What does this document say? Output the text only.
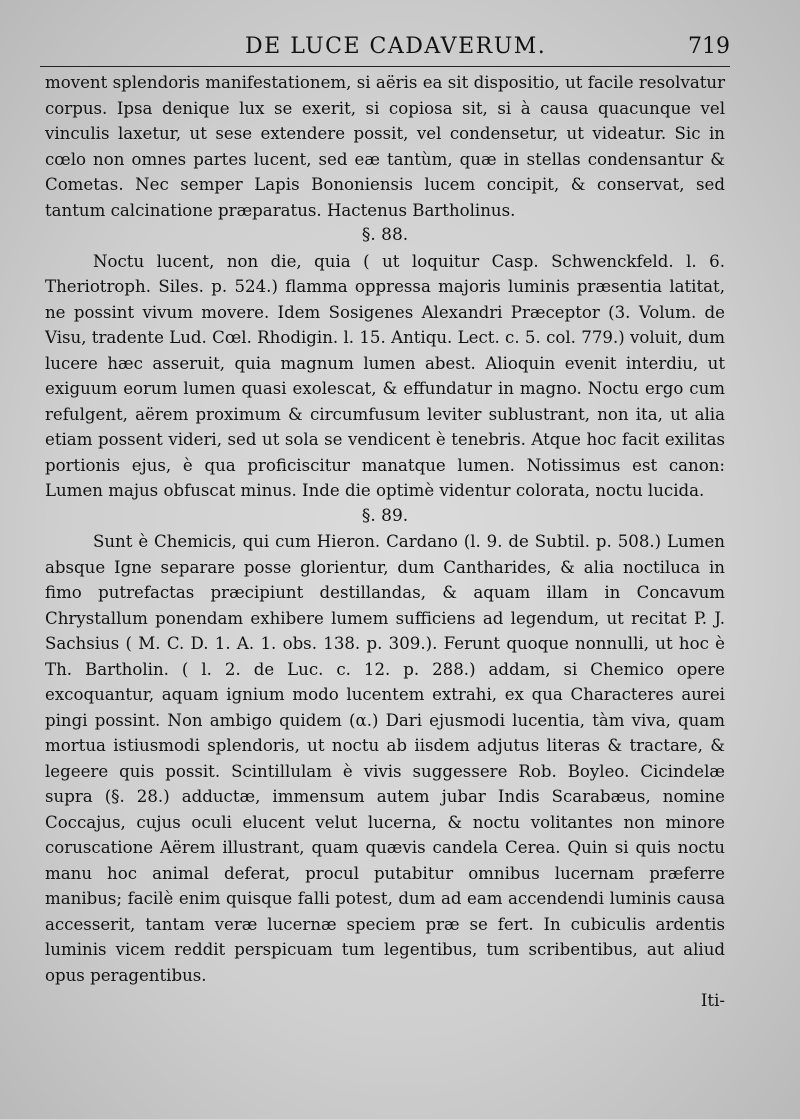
DE LUCE CADAVERUM.	719

movent splendoris manifestationem, si aëris ea sit dispositio, ut facile resolvatur corpus. Ipsa denique lux se exerit, si copiosa sit, si à causa quacunque vel vinculis laxetur, ut sese extendere possit, vel condensetur, ut videatur. Sic in cœlo non omnes partes lucent, sed eæ tantùm, quæ in stellas condensantur & Cometas. Nec semper Lapis Bononiensis lucem concipit, & conservat, sed tantum calcinatione præparatus. Hactenus Bartholinus.

§. 88.

Noctu lucent, non die, quia ( ut loquitur Casp. Schwenckfeld. l. 6. Theriotroph. Siles. p. 524.) flamma oppressa majoris luminis præsentia latitat, ne possint vivum movere. Idem Sosigenes Alexandri Præceptor (3. Volum. de Visu, tradente Lud. Cœl. Rhodigin. l. 15. Antiqu. Lect. c. 5. col. 779.) voluit, dum lucere hæc asseruit, quia magnum lumen abest. Alioquin evenit interdiu, ut exiguum eorum lumen quasi exolescat, & effundatur in magno. Noctu ergo cum refulgent, aërem proximum & circumfusum leviter sublustrant, non ita, ut alia etiam possent videri, sed ut sola se vendicent è tenebris. Atque hoc facit exilitas portionis ejus, è qua proficiscitur manatque lumen. Notissimus est canon: Lumen majus obfuscat minus. Inde die optimè videntur colorata, noctu lucida.

§. 89.

Sunt è Chemicis, qui cum Hieron. Cardano (l. 9. de Subtil. p. 508.) Lumen absque Igne separare posse glorientur, dum Cantharides, & alia noctiluca in fimo putrefactas præcipiunt destillandas, & aquam illam in Concavum Chrystallum ponendam exhibere lumem sufficiens ad legendum, ut recitat P. J. Sachsius ( M. C. D. 1. A. 1. obs. 138. p. 309.). Ferunt quoque nonnulli, ut hoc è Th. Bartholin. ( l. 2. de Luc. c. 12. p. 288.) addam, si Chemico opere excoquantur, aquam ignium modo lucentem extrahi, ex qua Characteres aurei pingi possint. Non ambigo quidem (α.) Dari ejusmodi lucentia, tàm viva, quam mortua istiusmodi splendoris, ut noctu ab iisdem adjutus literas & tractare, & legeere quis possit. Scintillulam è vivis suggessere Rob. Boyleo. Cicindelæ supra (§. 28.) adductæ, immensum autem jubar Indis Scarabæus, nomine Coccajus, cujus oculi elucent velut lucerna, & noctu volitantes non minore coruscatione Aërem illustrant, quam quævis candela Cerea. Quin si quis noctu manu hoc animal deferat, procul putabitur omnibus lucernam præferre manibus; facilè enim quisque falli potest, dum ad eam accendendi luminis causa accesserit, tantam veræ lucernæ speciem præ se fert. In cubiculis ardentis luminis vicem reddit perspicuam tum legentibus, tum scribentibus, aut aliud opus peragentibus.

Iti-
